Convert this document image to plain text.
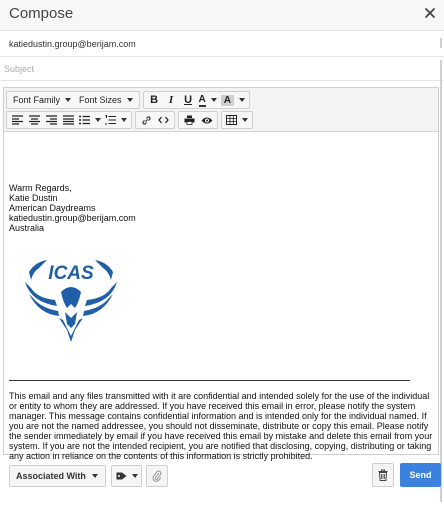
Compose
katiedustin.group@berijam.com
Subject
Font Family Font Sizes	B I U A	A
Warm Regards,
Katie Dustin
American Daydreams
katiedustin.group@berijam.com
Australia
ICAS
This email and any files transmitted with it are confidential and intended solely for the use of the individual or entity to whom they are addressed. If you have received this email in error, please notify the system manager. This message contains confidential information and is intended only for the individual named. If you are not the named addressee, you should not disseminate, distribute or copy this email. Please notify the sender immediately by email if you have received this email by mistake and delete this email from your system. If you are not the intended recipient, you are notified that disclosing, copying, distributing or taking any action in reliance on the contents of this information is strictly prohibited.
Associated With	Send
